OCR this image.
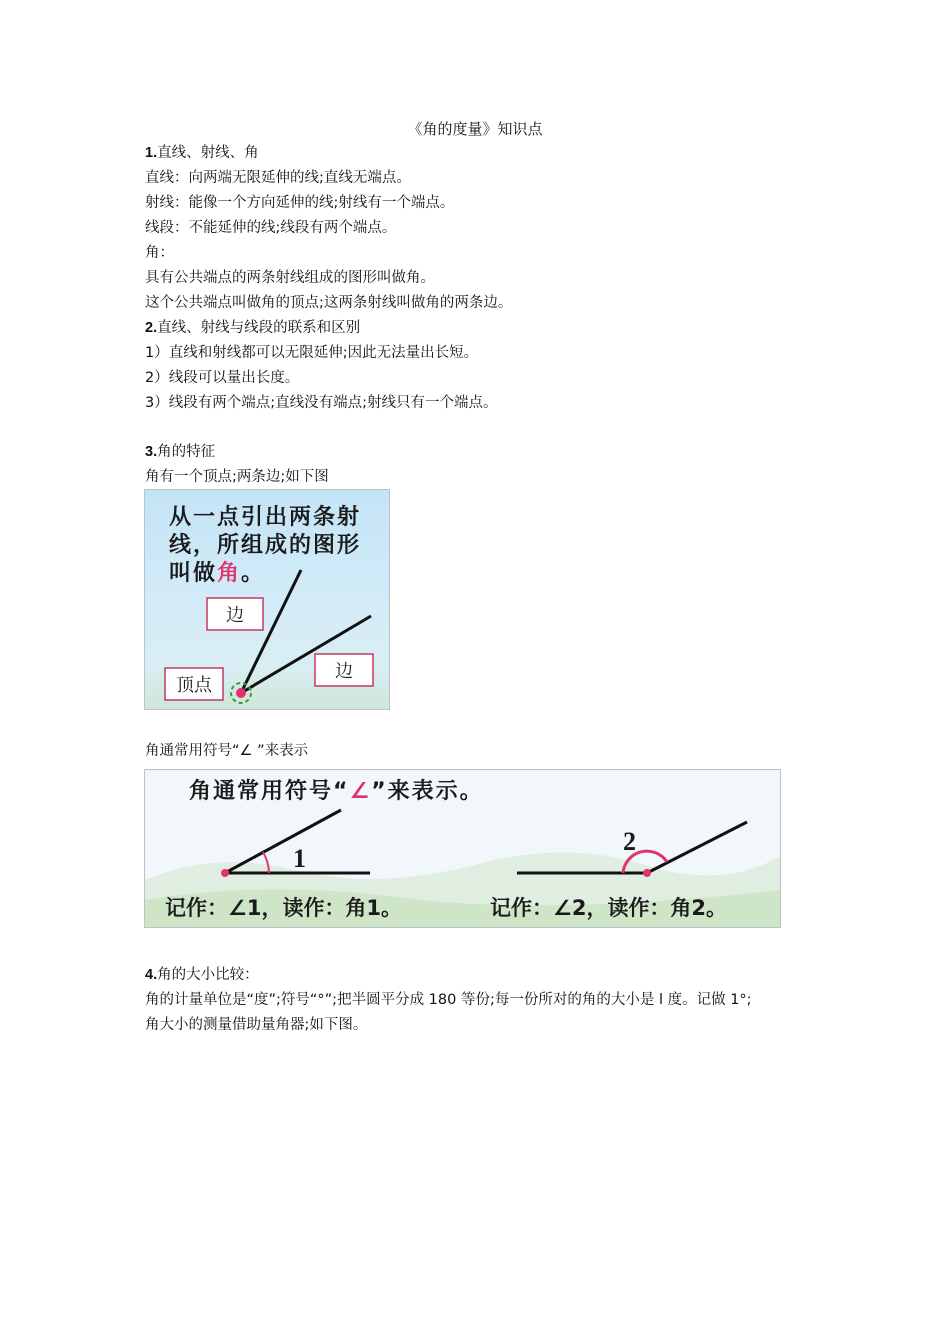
《角的度量》知识点
1.直线、射线、角
直线：向两端无限延伸的线;直线无端点。
射线：能像一个方向延伸的线;射线有一个端点。
线段：不能延伸的线;线段有两个端点。
角：
具有公共端点的两条射线组成的图形叫做角。
这个公共端点叫做角的顶点;这两条射线叫做角的两条边。
2.直线、射线与线段的联系和区别
1）直线和射线都可以无限延伸;因此无法量出长短。
2）线段可以量出长度。
3）线段有两个端点;直线没有端点;射线只有一个端点。
3.角的特征
角有一个顶点;两条边;如下图
从一点引出两条射
线，所组成的图形
叫做角。
边
边
顶点
角通常用符号“∠ ”来表示
角通常用符号“∠”来表示。
1
2
记作：∠1，读作：角1。	记作：∠2，读作：角2。
4.角的大小比较：
角的计量单位是“度”;符号“°”;把半圆平分成 180 等份;每一份所对的角的大小是 l 度。记做 1°;
角大小的测量借助量角器;如下图。
